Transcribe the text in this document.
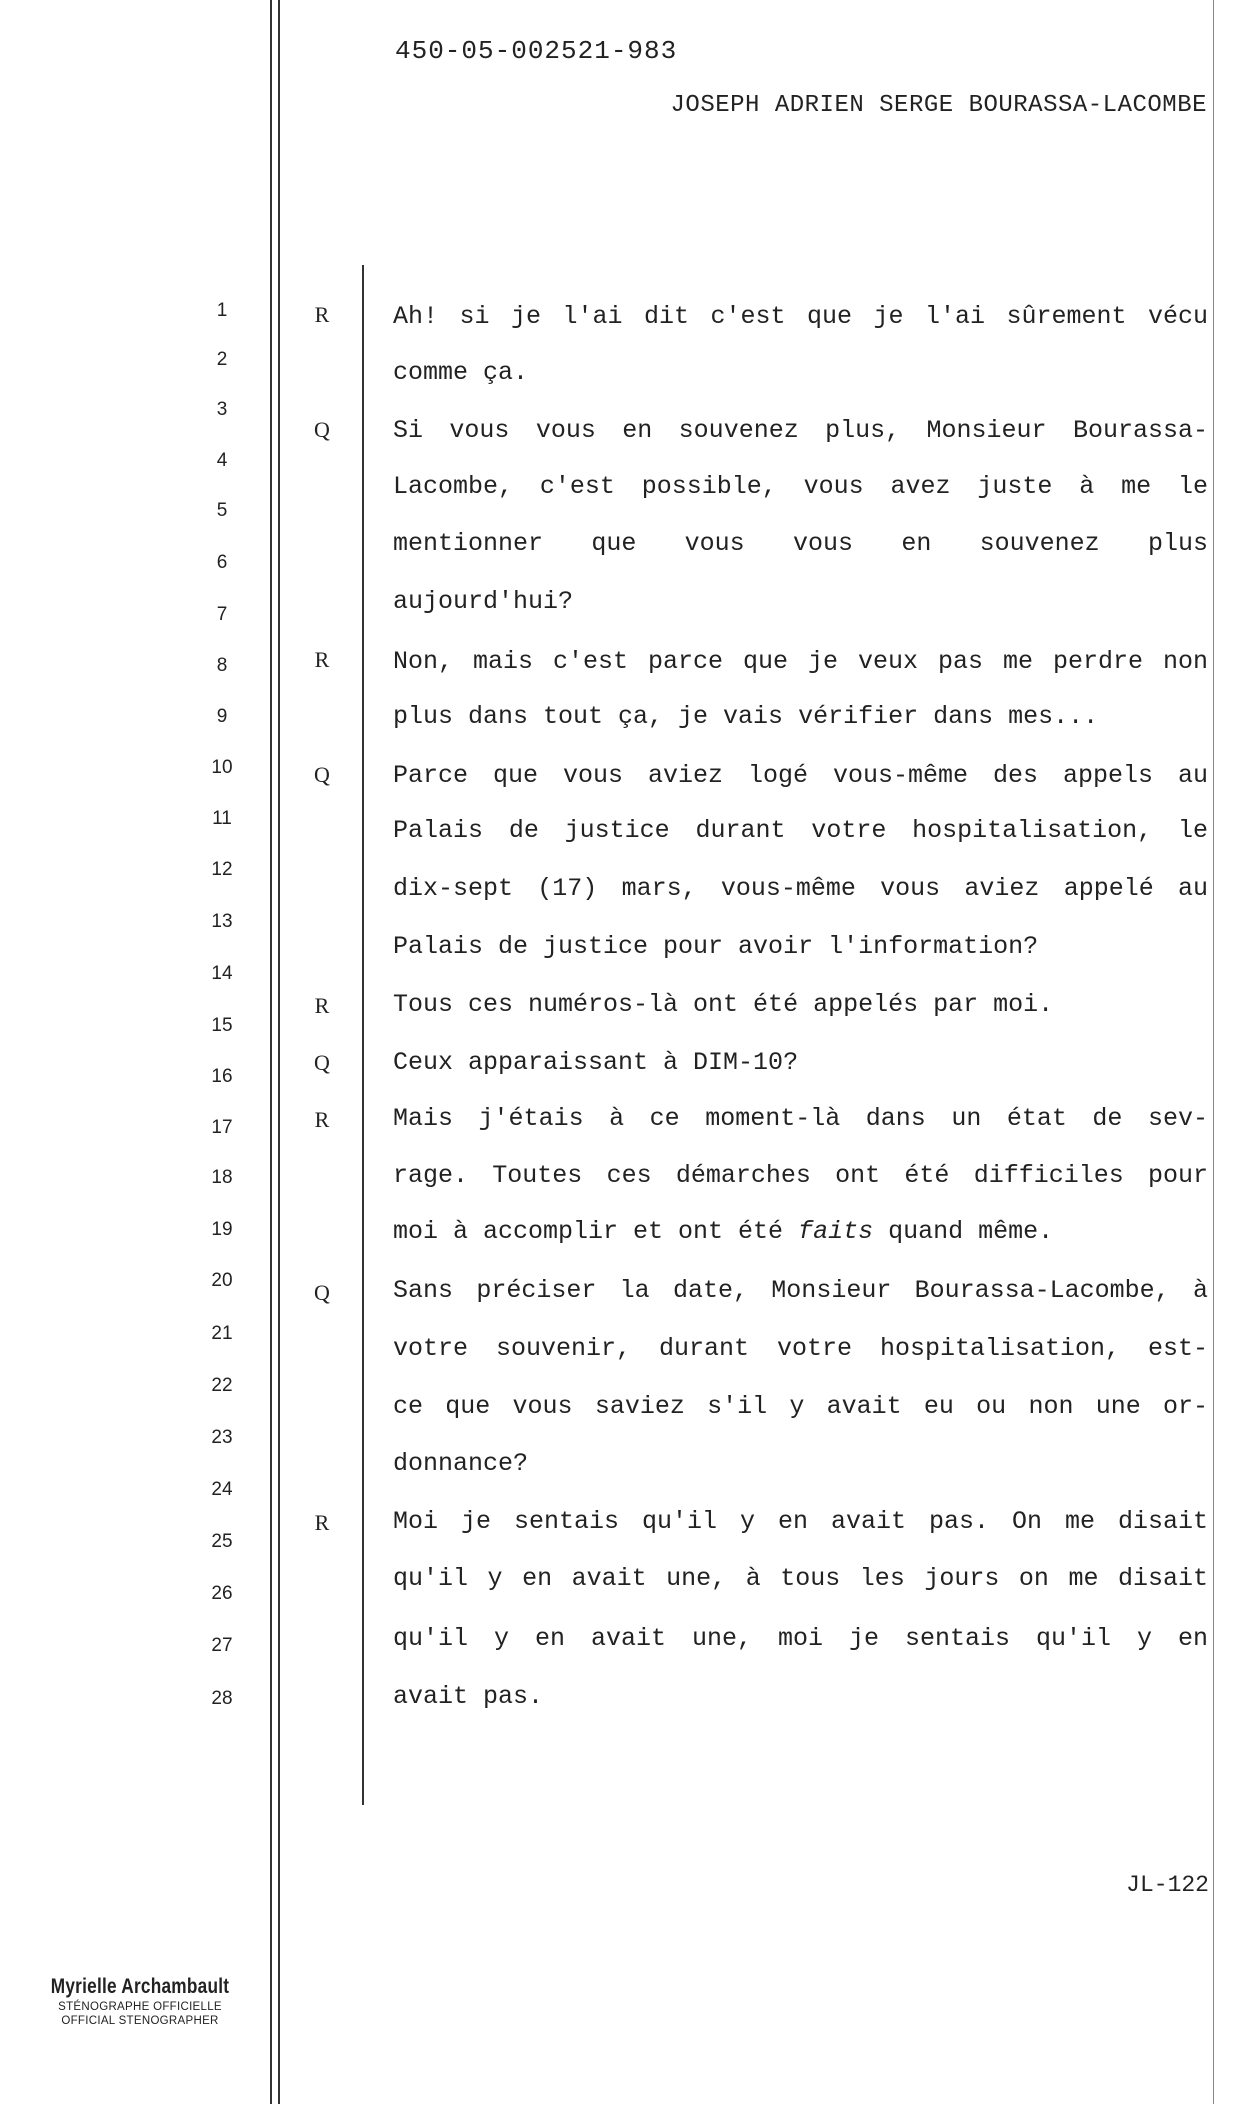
450-05-002521-983
JOSEPH ADRIEN SERGE BOURASSA-LACOMBE
1
2
3
4
5
6
7
8
9
10
11
12
13
14
15
16
17
18
19
20
21
22
23
24
25
26
27
28
R
Q
R
Q
R
Q
R
Q
R
Ah! si je l'ai dit c'est que je l'ai sûrement vécu
comme ça.
Si vous vous en souvenez plus, Monsieur Bourassa-
Lacombe, c'est possible, vous avez juste à me le
mentionner que vous vous en souvenez plus
aujourd'hui?
Non, mais c'est parce que je veux pas me perdre non
plus dans tout ça, je vais vérifier dans mes...
Parce que vous aviez logé vous-même des appels au
Palais de justice durant votre hospitalisation, le
dix-sept (17) mars, vous-même vous aviez appelé au
Palais de justice pour avoir l'information?
Tous ces numéros-là ont été appelés par moi.
Ceux apparaissant à DIM-10?
Mais j'étais à ce moment-là dans un état de sev-
rage. Toutes ces démarches ont été difficiles pour
moi à accomplir et ont été faits quand même.
Sans préciser la date, Monsieur Bourassa-Lacombe, à
votre souvenir, durant votre hospitalisation, est-
ce que vous saviez s'il y avait eu ou non une or-
donnance?
Moi je sentais qu'il y en avait pas. On me disait
qu'il y en avait une, à tous les jours on me disait
qu'il y en avait une, moi je sentais qu'il y en
avait pas.
JL-122
Myrielle Archambault
STÉNOGRAPHE OFFICIELLE
OFFICIAL STENOGRAPHER
